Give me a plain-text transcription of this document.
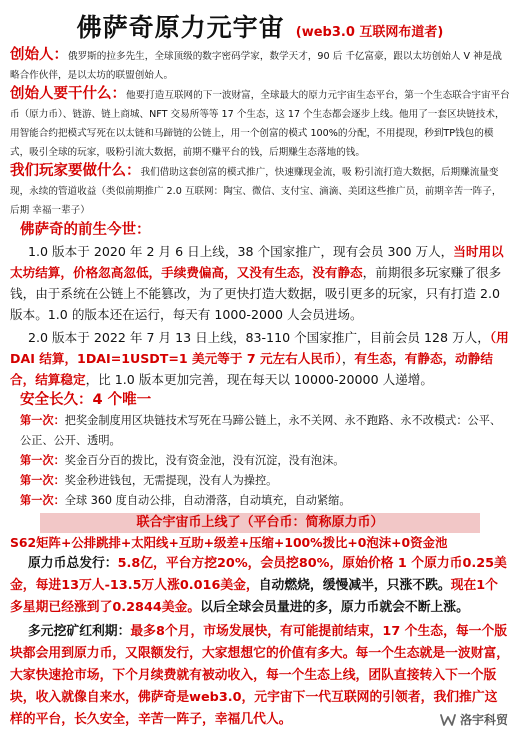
佛萨奇原力元宇宙 (web3.0 互联网布道者)

创始人：俄罗斯的拉多先生，全球顶级的数字密码学家，数学天才，90 后 千亿富豪，跟以太坊创始人 V 神是战略合作伙伴，是以太坊的联盟创始人。

创始人要干什么：他要打造互联网的下一波财富，全球最大的原力元宇宙生态平台，第一个生态联合宇宙平台币（原力币）、链游、链上商城、NFT 交易所等等 17 个生态，这 17 个生态都会逐步上线。他用了一套区块链技术，用智能合约把模式写死在以太链和马蹄链的公链上，用一个创富的模式 100%的分配，不用提现，秒到TP钱包的模式，吸引全球的玩家，吸粉引流大数据，前期不赚平台的钱，后期赚生态落地的钱。

我们玩家要做什么：我们借助这套创富的模式推广，快速赚现金流，吸 粉引流打造大数据，后期赚流量变现，永续的管道收益（类似前期推广 2.0 互联网：陶宝、微信、支付宝、滴滴、美团这些推广员，前期辛苦一阵子，后期 幸福一辈子）

佛萨奇的前生今世：

1.0 版本于 2020 年 2 月 6 日上线，38 个国家推广，现有会员 300 万人，当时用以太坊结算，价格忽高忽低，手续费偏高，又没有生态，没有静态，前期很多玩家赚了很多钱，由于系统在公链上不能篡改，为了更快打造大数据，吸引更多的玩家，只有打造 2.0 版本。1.0 的版本还在运行，每天有 1000-2000 人会员进场。

2.0 版本于 2022 年 7 月 13 日上线，83-110 个国家推广，目前会员 128 万人，（用DAI 结算，1DAI=1USDT=1 美元等于 7 元左右人民币），有生态，有静态，动静结合，结算稳定，比 1.0 版本更加完善，现在每天以 10000-20000 人递增。

安全长久：4 个唯一

第一次：把奖金制度用区块链技术写死在马蹄公链上，永不关网、永不跑路、永不改模式：公平、公正、公开、透明。

第一次：奖金百分百的拨比，没有资金池，没有沉淀，没有泡沫。

第一次：奖金秒进钱包，无需提现，没有人为操控。

第一次：全球 360 度自动公排，自动滑落，自动填充，自动紧缩。

联合宇宙币上线了（平台币：简称原力币）
S62矩阵+公排跳排+太阳线+互助+级差+压缩+100%拨比+0泡沫+0资金池

原力币总发行：5.8亿，平台方挖20%，会员挖80%，原始价格 1 个原力币0.25美金，每进13万人-13.5万人涨0.016美金，自动燃烧，缓慢减半，只涨不跌。现在1个多星期已经涨到了0.2844美金。以后全球会员量进的多，原力币就会不断上涨。

多元挖矿红利期：最多8个月，市场发展快，有可能提前结束，17 个生态，每一个版块都会用到原力币，又限额发行，大家想想它的价值有多大。每一个生态就是一波财富，大家快速抢市场，下个月续费就有被动收入，每一个生态上线，团队直接转入下一个版块，收入就像自来水，佛萨奇是web3.0，元宇宙下一代互联网的引领者，我们推广这样的平台，长久安全，辛苦一阵子，幸福几代人。	洛宇科贸
